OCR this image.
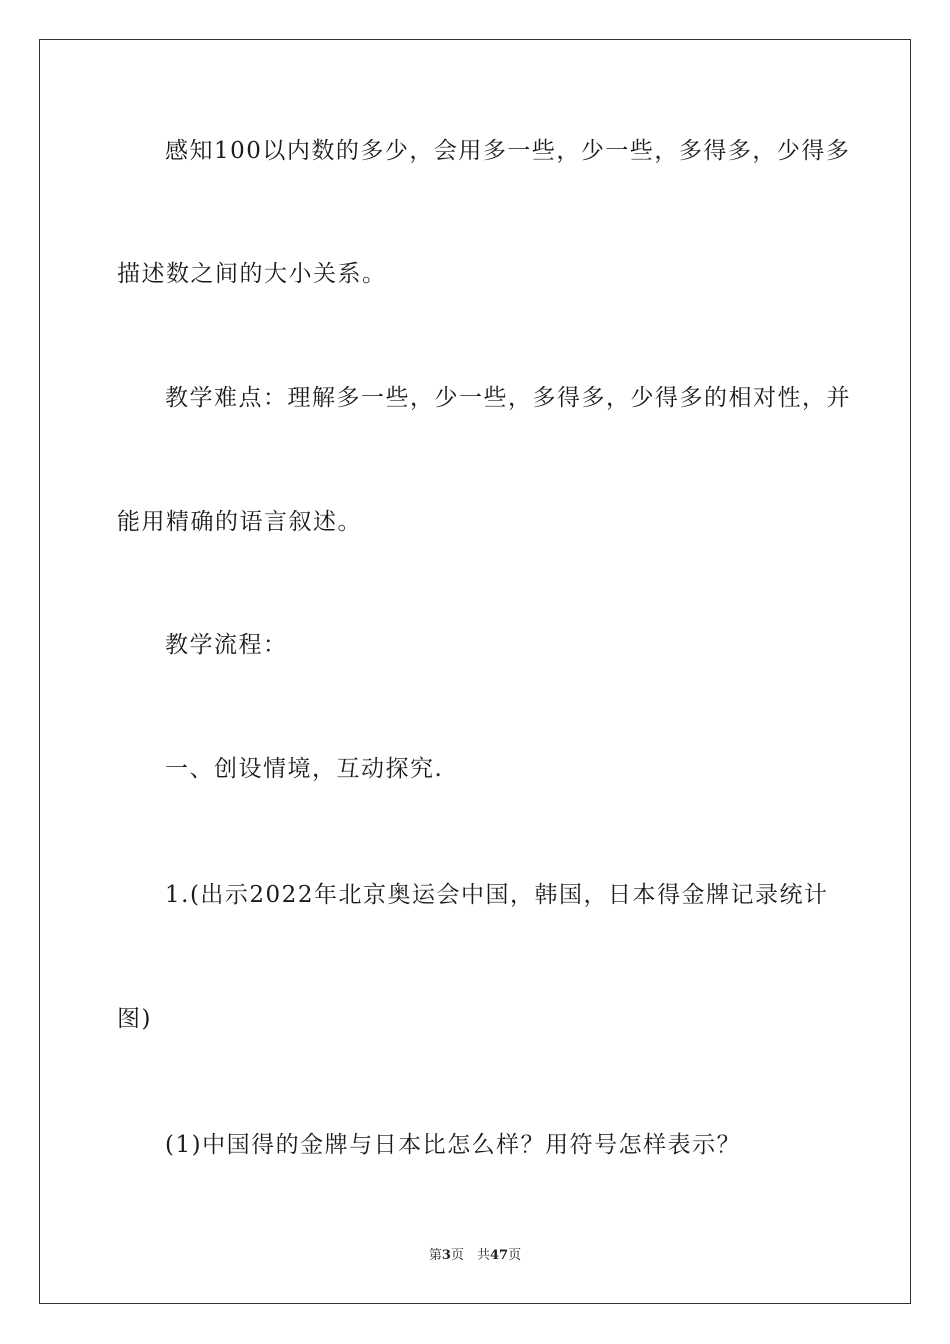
感知100以内数的多少，会用多一些，少一些，多得多，少得多
描述数之间的大小关系。
教学难点：理解多一些，少一些，多得多，少得多的相对性，并
能用精确的语言叙述。
教学流程：
一、创设情境，互动探究.
1.(出示2022年北京奥运会中国，韩国，日本得金牌记录统计
图)
(1)中国得的金牌与日本比怎么样？用符号怎样表示？
第3页　共47页
